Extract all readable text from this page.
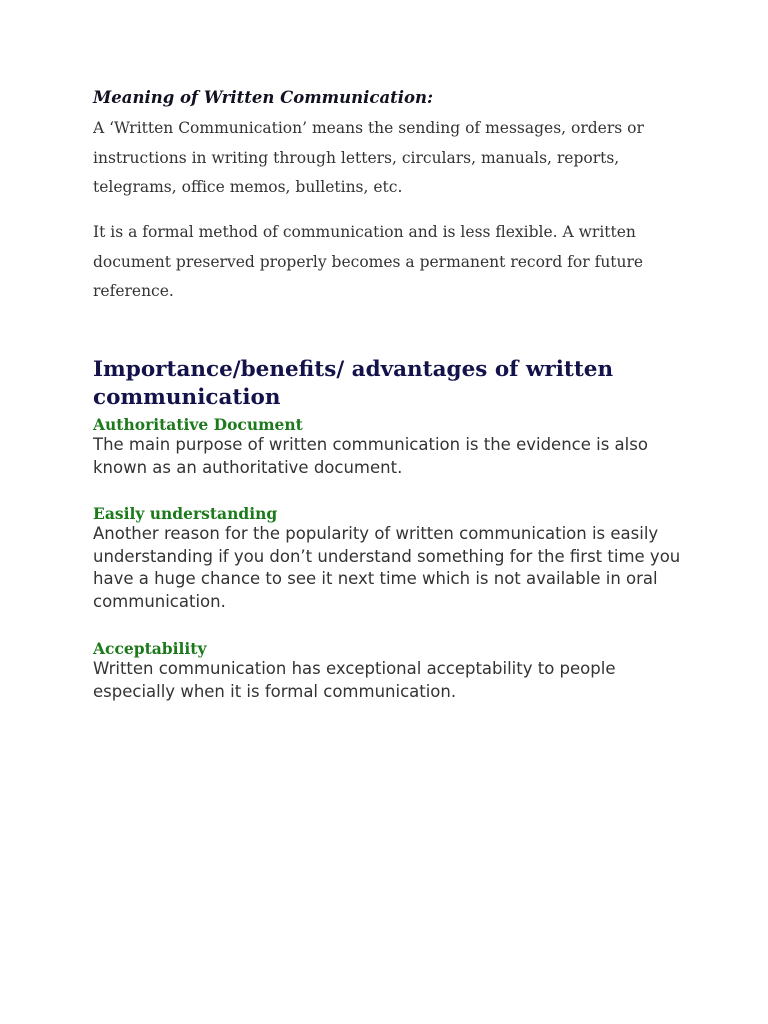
Meaning of Written Communication:

A ‘Written Communication’ means the sending of messages, orders or instructions in writing through letters, circulars, manuals, reports, telegrams, office memos, bulletins, etc.

It is a formal method of communication and is less flexible. A written document preserved properly becomes a permanent record for future reference.

Importance/benefits/ advantages of written communication
Authoritative Document

The main purpose of written communication is the evidence is also known as an authoritative document.

Easily understanding

Another reason for the popularity of written communication is easily understanding if you don’t understand something for the first time you have a huge chance to see it next time which is not available in oral communication.

Acceptability

Written communication has exceptional acceptability to people especially when it is formal communication.
